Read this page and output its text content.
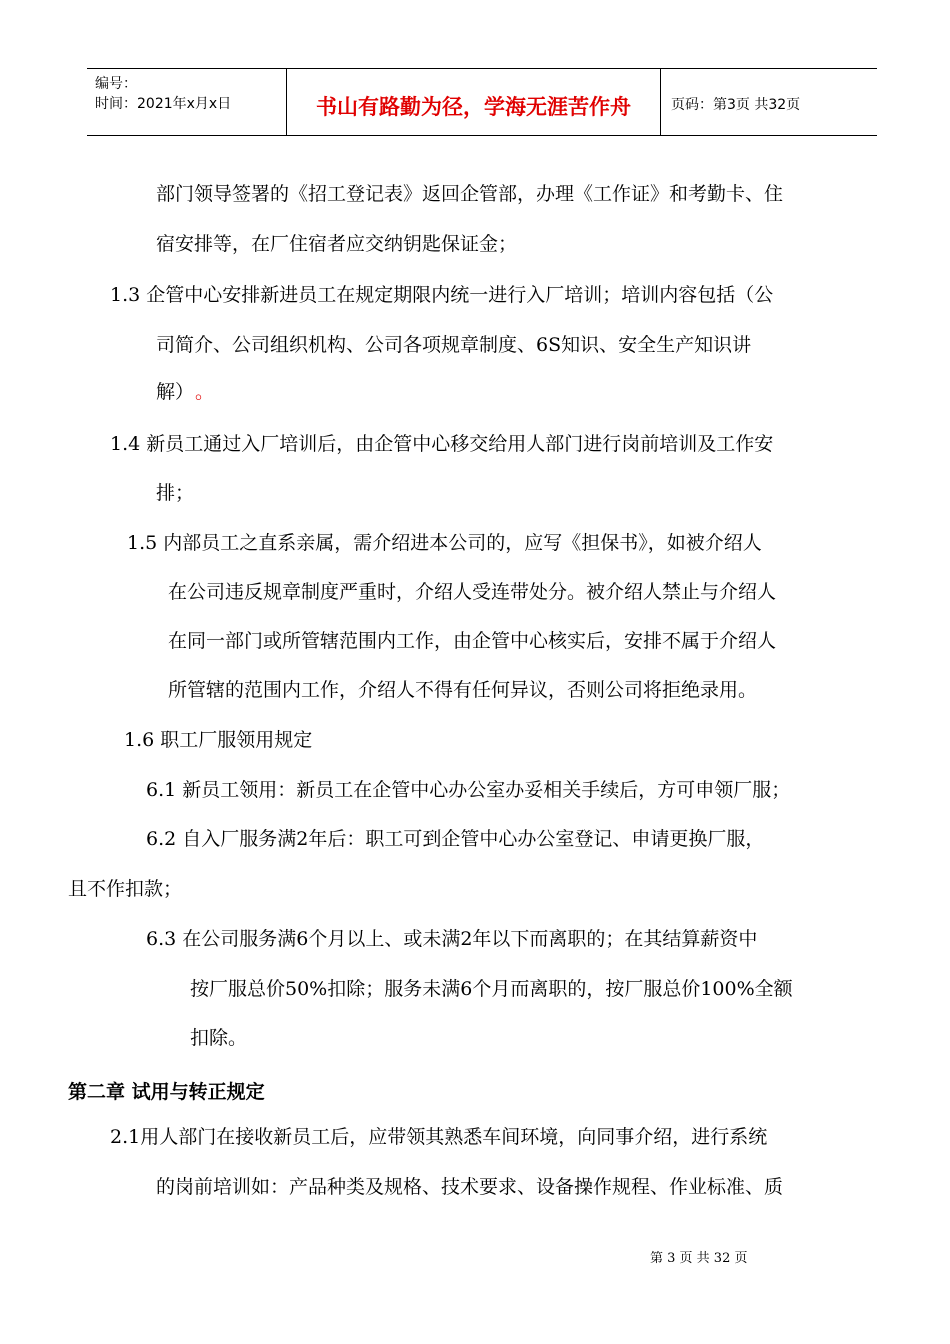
编号：
时间：2021年x月x日	书山有路勤为径，学海无涯苦作舟	页码：第3页 共32页
部门领导签署的《招工登记表》返回企管部，办理《工作证》和考勤卡、住
宿安排等，在厂住宿者应交纳钥匙保证金；
1.3 企管中心安排新进员工在规定期限内统一进行入厂培训；培训内容包括（公
司简介、公司组织机构、公司各项规章制度、6S知识、安全生产知识讲
解） 。
1.4 新员工通过入厂培训后，由企管中心移交给用人部门进行岗前培训及工作安
排；
1.5 内部员工之直系亲属，需介绍进本公司的，应写《担保书》，如被介绍人
在公司违反规章制度严重时，介绍人受连带处分。被介绍人禁止与介绍人
在同一部门或所管辖范围内工作，由企管中心核实后，安排不属于介绍人
所管辖的范围内工作，介绍人不得有任何异议，否则公司将拒绝录用。
1.6 职工厂服领用规定
6.1 新员工领用：新员工在企管中心办公室办妥相关手续后，方可申领厂服；
6.2 自入厂服务满2年后：职工可到企管中心办公室登记、申请更换厂服，
且不作扣款；
6.3 在公司服务满6个月以上、或未满2年以下而离职的；在其结算薪资中
按厂服总价50%扣除；服务未满6个月而离职的，按厂服总价100%全额
扣除。
第二章 试用与转正规定
2.1用人部门在接收新员工后，应带领其熟悉车间环境，向同事介绍，进行系统
的岗前培训如：产品种类及规格、技术要求、设备操作规程、作业标准、质
第 3 页 共 32 页
